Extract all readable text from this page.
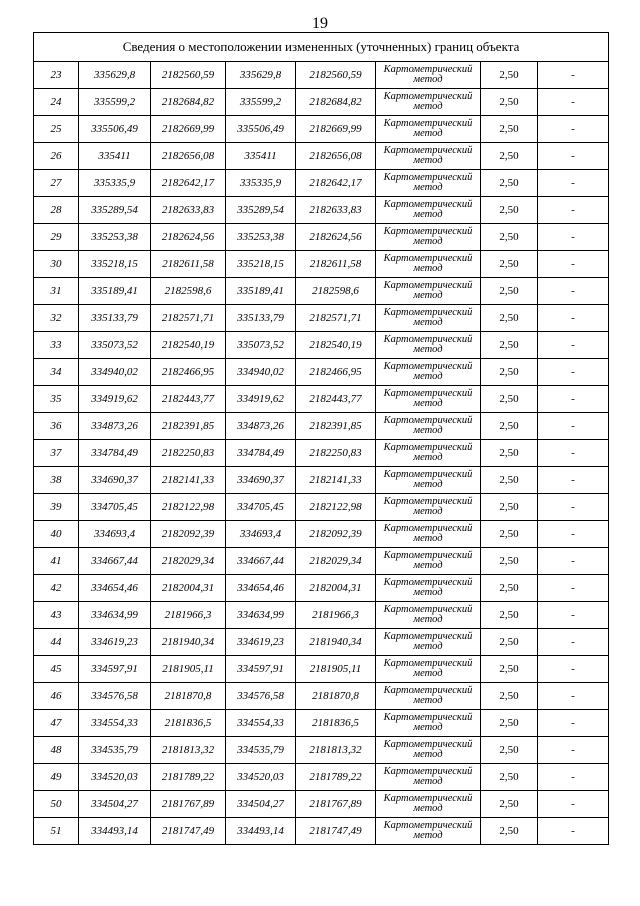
19
Сведения о местоположении измененных (уточненных) границ объекта							
23	335629,8	2182560,59	335629,8	2182560,59	Картометрический метод	2,50	-
24	335599,2	2182684,82	335599,2	2182684,82	Картометрический метод	2,50	-
25	335506,49	2182669,99	335506,49	2182669,99	Картометрический метод	2,50	-
26	335411	2182656,08	335411	2182656,08	Картометрический метод	2,50	-
27	335335,9	2182642,17	335335,9	2182642,17	Картометрический метод	2,50	-
28	335289,54	2182633,83	335289,54	2182633,83	Картометрический метод	2,50	-
29	335253,38	2182624,56	335253,38	2182624,56	Картометрический метод	2,50	-
30	335218,15	2182611,58	335218,15	2182611,58	Картометрический метод	2,50	-
31	335189,41	2182598,6	335189,41	2182598,6	Картометрический метод	2,50	-
32	335133,79	2182571,71	335133,79	2182571,71	Картометрический метод	2,50	-
33	335073,52	2182540,19	335073,52	2182540,19	Картометрический метод	2,50	-
34	334940,02	2182466,95	334940,02	2182466,95	Картометрический метод	2,50	-
35	334919,62	2182443,77	334919,62	2182443,77	Картометрический метод	2,50	-
36	334873,26	2182391,85	334873,26	2182391,85	Картометрический метод	2,50	-
37	334784,49	2182250,83	334784,49	2182250,83	Картометрический метод	2,50	-
38	334690,37	2182141,33	334690,37	2182141,33	Картометрический метод	2,50	-
39	334705,45	2182122,98	334705,45	2182122,98	Картометрический метод	2,50	-
40	334693,4	2182092,39	334693,4	2182092,39	Картометрический метод	2,50	-
41	334667,44	2182029,34	334667,44	2182029,34	Картометрический метод	2,50	-
42	334654,46	2182004,31	334654,46	2182004,31	Картометрический метод	2,50	-
43	334634,99	2181966,3	334634,99	2181966,3	Картометрический метод	2,50	-
44	334619,23	2181940,34	334619,23	2181940,34	Картометрический метод	2,50	-
45	334597,91	2181905,11	334597,91	2181905,11	Картометрический метод	2,50	-
46	334576,58	2181870,8	334576,58	2181870,8	Картометрический метод	2,50	-
47	334554,33	2181836,5	334554,33	2181836,5	Картометрический метод	2,50	-
48	334535,79	2181813,32	334535,79	2181813,32	Картометрический метод	2,50	-
49	334520,03	2181789,22	334520,03	2181789,22	Картометрический метод	2,50	-
50	334504,27	2181767,89	334504,27	2181767,89	Картометрический метод	2,50	-
51	334493,14	2181747,49	334493,14	2181747,49	Картометрический метод	2,50	-
